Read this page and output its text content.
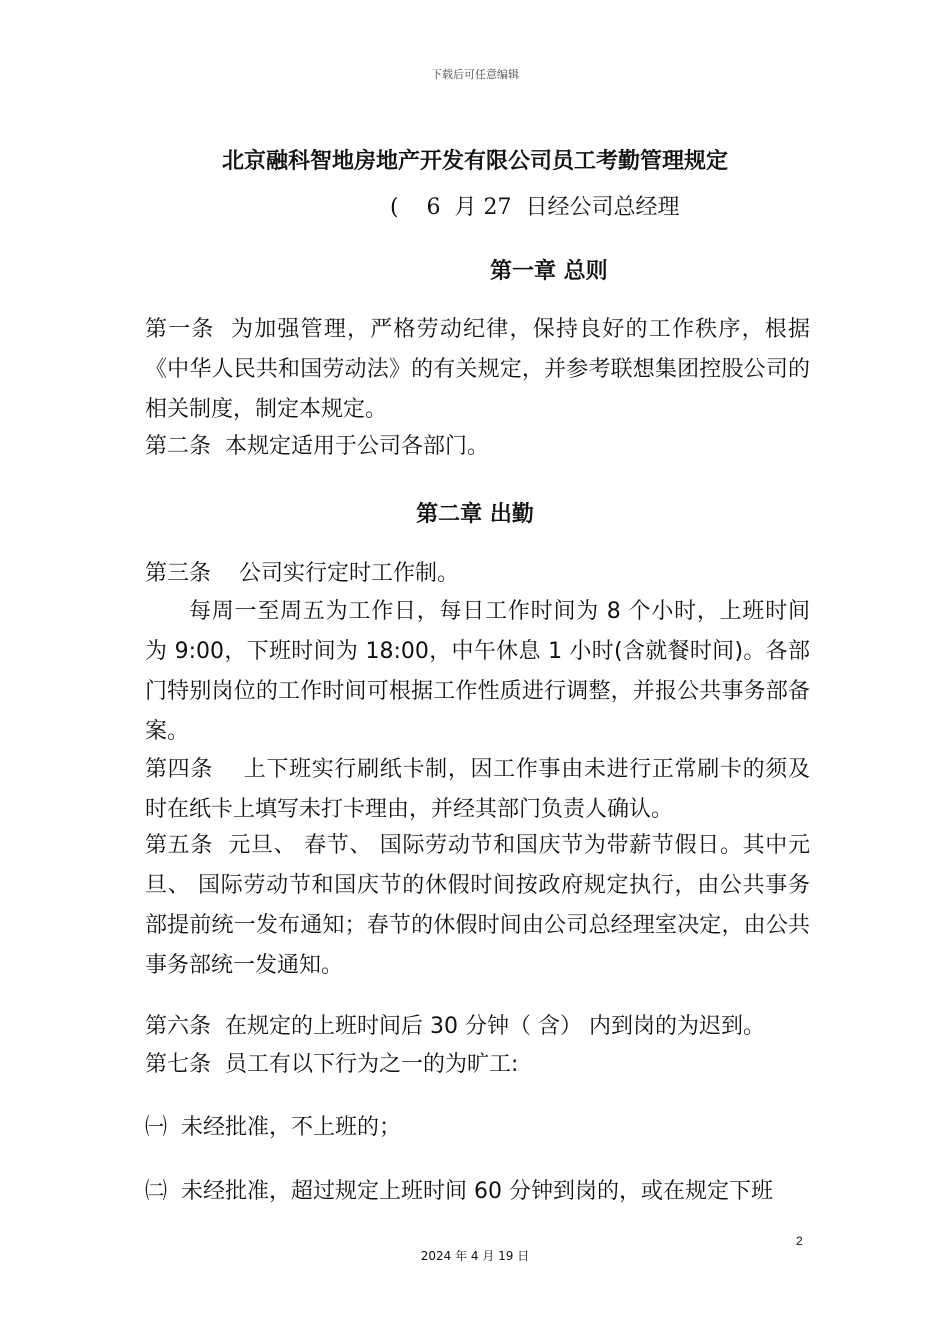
下载后可任意编辑
北京融科智地房地产开发有限公司员工考勤管理规定
(    6  月 27  日经公司总经理
第一章 总则

第一条  为加强管理，严格劳动纪律，保持良好的工作秩序，根据《中华人民共和国劳动法》的有关规定，并参考联想集团控股公司的相关制度，制定本规定。

第二条  本规定适用于公司各部门。

第二章 出勤

第三条    公司实行定时工作制。

每周一至周五为工作日，每日工作时间为 8 个小时，上班时间为 9:00，下班时间为 18:00，中午休息 1 小时(含就餐时间)。各部门特别岗位的工作时间可根据工作性质进行调整，并报公共事务部备案。

第四条    上下班实行刷纸卡制，因工作事由未进行正常刷卡的须及时在纸卡上填写未打卡理由，并经其部门负责人确认。

第五条  元旦、 春节、 国际劳动节和国庆节为带薪节假日。其中元旦、 国际劳动节和国庆节的休假时间按政府规定执行，由公共事务部提前统一发布通知；春节的休假时间由公司总经理室决定，由公共事务部统一发通知。

第六条  在规定的上班时间后 30 分钟（ 含） 内到岗的为迟到。

第七条  员工有以下行为之一的为旷工:

㈠  未经批准，不上班的；

㈡  未经批准，超过规定上班时间 60 分钟到岗的，或在规定下班

2
2024 年 4 月 19 日
